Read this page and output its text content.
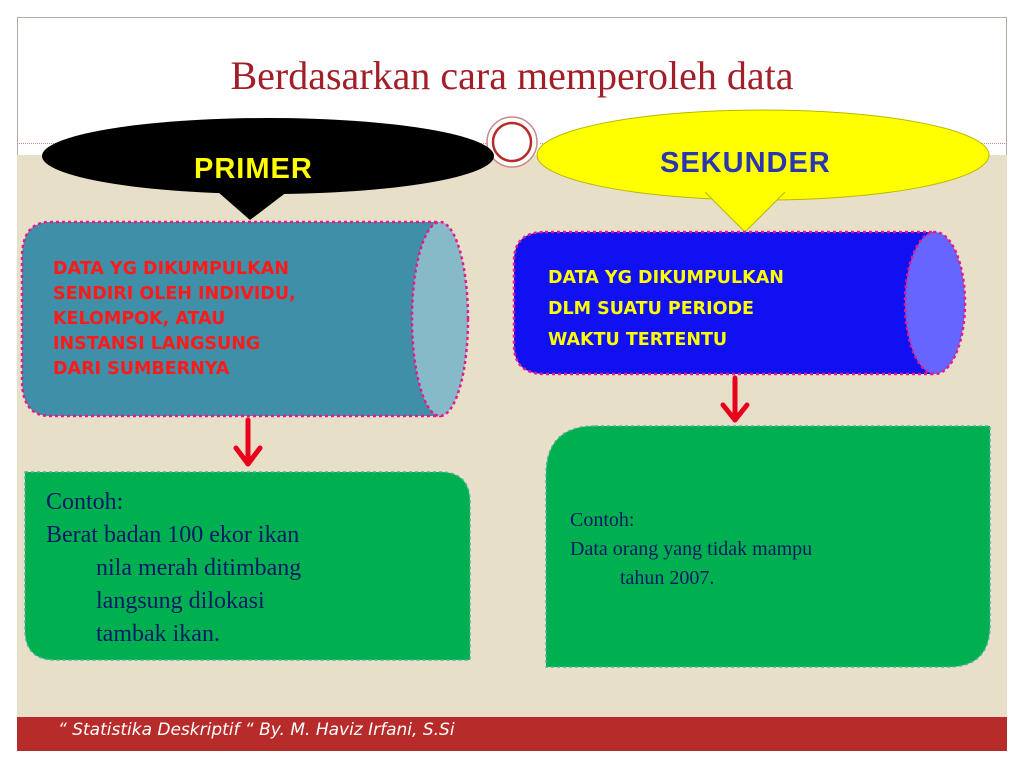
Berdasarkan cara memperoleh data
PRIMER	SEKUNDER

DATA YG DIKUMPULKAN
SENDIRI OLEH INDIVIDU,
KELOMPOK, ATAU
INSTANSI LANGSUNG
DARI SUMBERNYA

DATA YG DIKUMPULKAN
DLM SUATU PERIODE
WAKTU TERTENTU

Contoh:
Berat badan 100 ekor ikan
nila merah ditimbang
langsung dilokasi
tambak ikan.

Contoh:
Data orang yang tidak mampu
tahun 2007.

“ Statistika Deskriptif “ By. M. Haviz Irfani, S.Si
